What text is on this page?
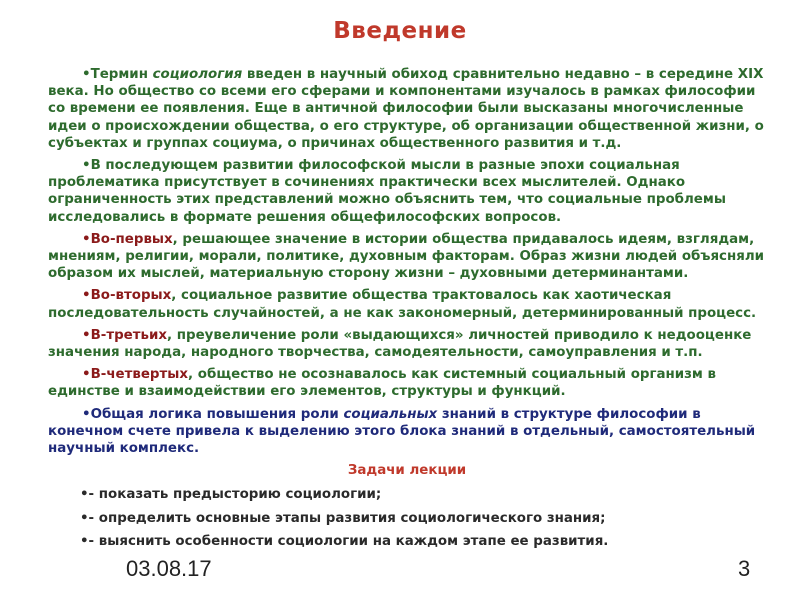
Введение

•Термин социология введен в научный обиход сравнительно недавно – в середине XIX века. Но общество со всеми его сферами и компонентами изучалось в рамках философии со времени ее появления. Еще в античной философии были высказаны многочисленные идеи о происхождении общества, о его структуре, об организации общественной жизни, о субъектах и группах социума, о причинах общественного развития и т.д.

•В последующем развитии философской мысли в разные эпохи социальная проблематика присутствует в сочинениях практически всех мыслителей. Однако ограниченность этих представлений можно объяснить тем, что социальные проблемы исследовались в формате решения общефилософских вопросов.

•Во-первых, решающее значение в истории общества придавалось идеям, взглядам, мнениям, религии, морали, политике, духовным факторам. Образ жизни людей объясняли образом их мыслей, материальную сторону жизни – духовными детерминантами.

•Во-вторых, социальное развитие общества трактовалось как хаотическая последовательность случайностей, а не как закономерный, детерминированный процесс.

•В-третьих, преувеличение роли «выдающихся» личностей приводило к недооценке значения народа, народного творчества, самодеятельности, самоуправления и т.п.

•В-четвертых, общество не осознавалось как системный социальный организм в единстве и взаимодействии его элементов, структуры и функций.

•Общая логика повышения роли социальных знаний в структуре философии в конечном счете привела к выделению этого блока знаний в отдельный, самостоятельный научный комплекс.

Задачи лекции
•- показать предысторию социологии;
•- определить основные этапы развития социологического знания;
•- выяснить особенности социологии на каждом этапе ее развития.
03.08.17	3
